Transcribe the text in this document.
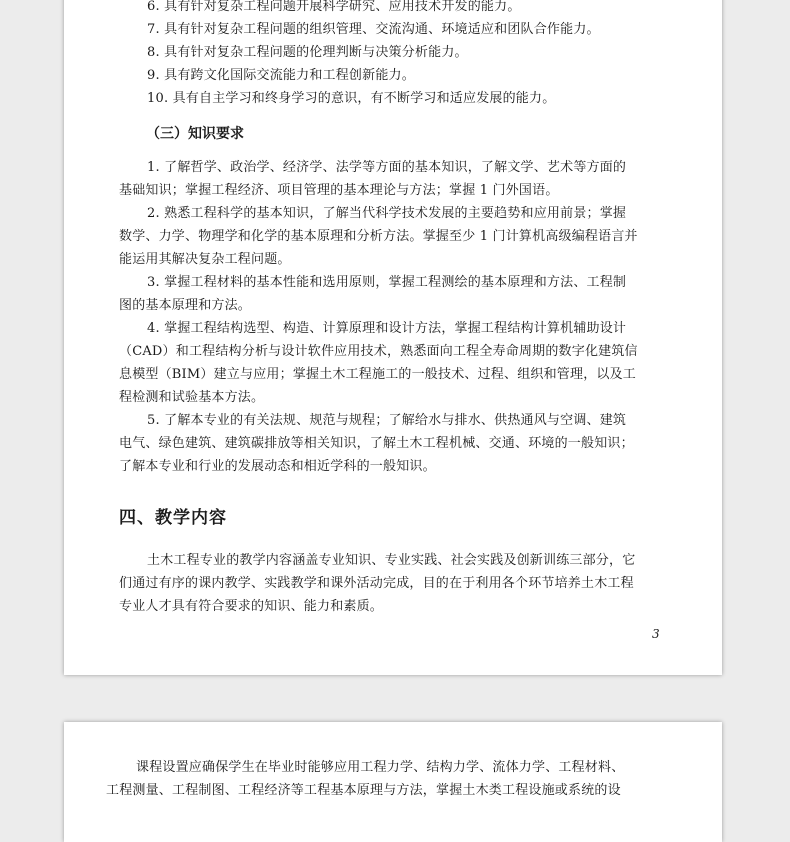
6. 具有针对复杂工程问题开展科学研究、应用技术开发的能力。
7. 具有针对复杂工程问题的组织管理、交流沟通、环境适应和团队合作能力。
8. 具有针对复杂工程问题的伦理判断与决策分析能力。
9. 具有跨文化国际交流能力和工程创新能力。
10. 具有自主学习和终身学习的意识，有不断学习和适应发展的能力。
（三）知识要求
1. 了解哲学、政治学、经济学、法学等方面的基本知识，了解文学、艺术等方面的
基础知识；掌握工程经济、项目管理的基本理论与方法；掌握 1 门外国语。
2. 熟悉工程科学的基本知识，了解当代科学技术发展的主要趋势和应用前景；掌握
数学、力学、物理学和化学的基本原理和分析方法。掌握至少 1 门计算机高级编程语言并
能运用其解决复杂工程问题。
3. 掌握工程材料的基本性能和选用原则，掌握工程测绘的基本原理和方法、工程制
图的基本原理和方法。
4. 掌握工程结构选型、构造、计算原理和设计方法，掌握工程结构计算机辅助设计
（CAD）和工程结构分析与设计软件应用技术，熟悉面向工程全寿命周期的数字化建筑信
息模型（BIM）建立与应用；掌握土木工程施工的一般技术、过程、组织和管理，以及工
程检测和试验基本方法。
5. 了解本专业的有关法规、规范与规程；了解给水与排水、供热通风与空调、建筑
电气、绿色建筑、建筑碳排放等相关知识，了解土木工程机械、交通、环境的一般知识；
了解本专业和行业的发展动态和相近学科的一般知识。
四、教学内容
土木工程专业的教学内容涵盖专业知识、专业实践、社会实践及创新训练三部分，它
们通过有序的课内教学、实践教学和课外活动完成，目的在于利用各个环节培养土木工程
专业人才具有符合要求的知识、能力和素质。
3
课程设置应确保学生在毕业时能够应用工程力学、结构力学、流体力学、工程材料、
工程测量、工程制图、工程经济等工程基本原理与方法，掌握土木类工程设施或系统的设
